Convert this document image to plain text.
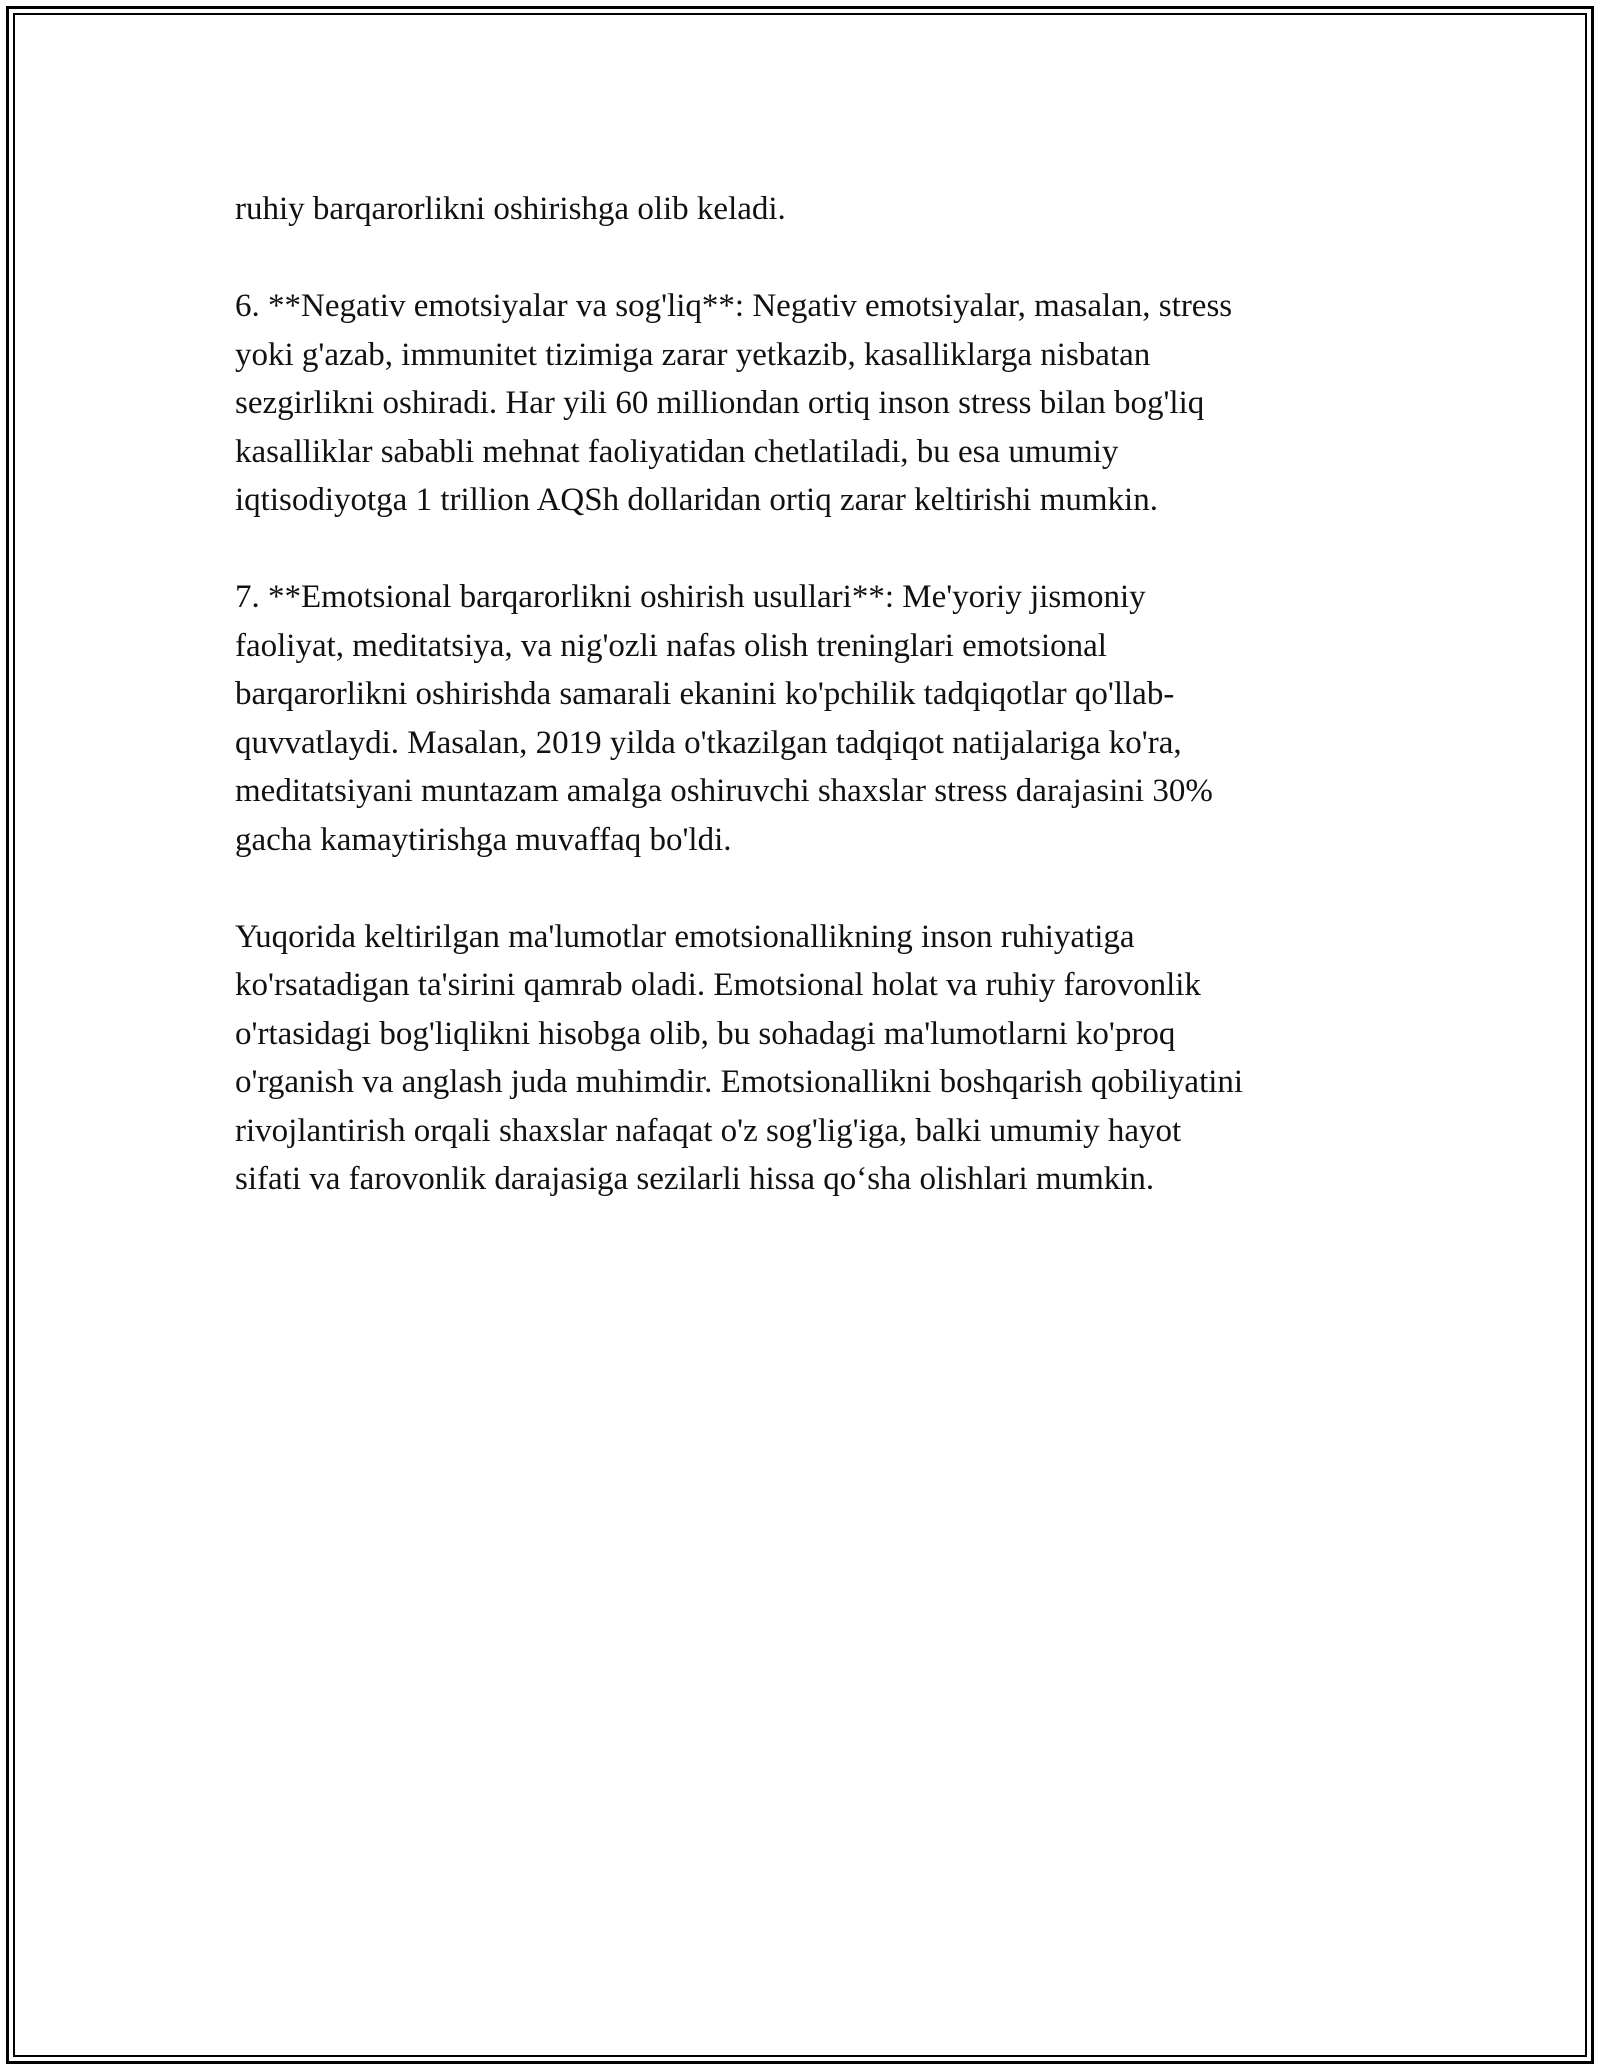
ruhiy barqarorlikni oshirishga olib keladi.
6. **Negativ emotsiyalar va sog'liq**: Negativ emotsiyalar, masalan, stress
yoki g'azab, immunitet tizimiga zarar yetkazib, kasalliklarga nisbatan
sezgirlikni oshiradi. Har yili 60 milliondan ortiq inson stress bilan bog'liq
kasalliklar sababli mehnat faoliyatidan chetlatiladi, bu esa umumiy
iqtisodiyotga 1 trillion AQSh dollaridan ortiq zarar keltirishi mumkin.
7. **Emotsional barqarorlikni oshirish usullari**: Me'yoriy jismoniy
faoliyat, meditatsiya, va nig'ozli nafas olish treninglari emotsional
barqarorlikni oshirishda samarali ekanini ko'pchilik tadqiqotlar qo'llab-
quvvatlaydi. Masalan, 2019 yilda o'tkazilgan tadqiqot natijalariga ko'ra,
meditatsiyani muntazam amalga oshiruvchi shaxslar stress darajasini 30%
gacha kamaytirishga muvaffaq bo'ldi.
Yuqorida keltirilgan ma'lumotlar emotsionallikning inson ruhiyatiga
ko'rsatadigan ta'sirini qamrab oladi. Emotsional holat va ruhiy farovonlik
o'rtasidagi bog'liqlikni hisobga olib, bu sohadagi ma'lumotlarni ko'proq
o'rganish va anglash juda muhimdir. Emotsionallikni boshqarish qobiliyatini
rivojlantirish orqali shaxslar nafaqat o'z sog'lig'iga, balki umumiy hayot
sifati va farovonlik darajasiga sezilarli hissa qo‘sha olishlari mumkin.
